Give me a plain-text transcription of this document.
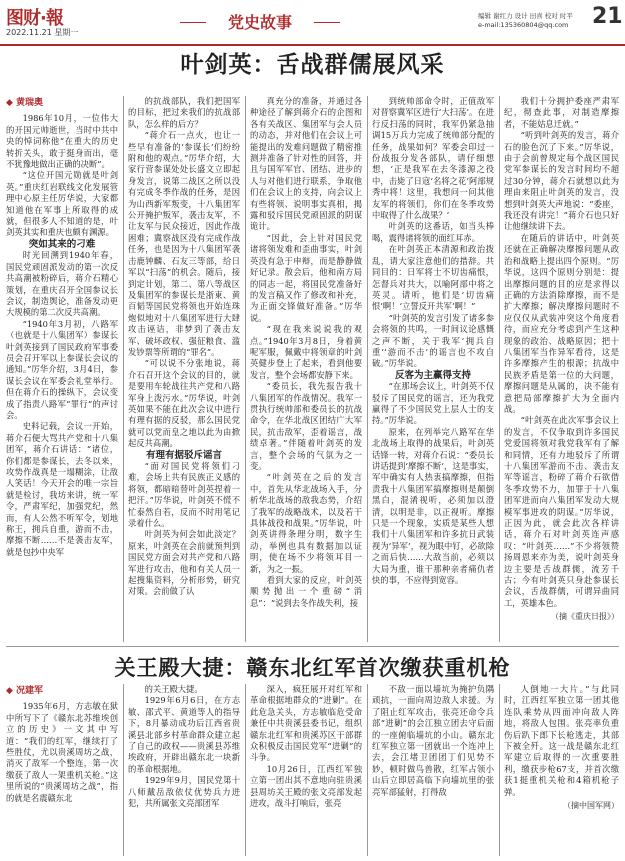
图财·報
2022.11.21 星期一
党史故事	编辑 谢红力 设计 田喜 校对 时平
e-mail:135360804@qq.com	21
叶剑英：舌战群儒展风采
◆ 黄瑞奥

1986年10月，一位伟大的开国元帅逝世，当时中共中央的悼词称他“在重大的历史转折关头，敢于挺身而出，毫不犹豫地做出正确的决断”。

“这位开国元勋就是叶剑英。”重庆红岩联线文化发展管理中心原主任厉华说，大家都知道他在军事上所取得的成就，但很多人不知道的是，叶剑英其实和重庆也颇有渊源。

突如其来的刁难

时光回溯到1940年春，国民党顽固派发动的第一次反共高潮被粉碎后，蒋介石精心策划，在重庆召开全国参议长会议，制造舆论，准备发动更大规模的第二次反共高潮。

“1940年3月初，八路军（也就是十八集团军）参谋长叶剑英接到了国民政府军事委员会召开军以上参谋长会议的通知。”厉华介绍，3月4日，参谋长会议在军委会礼堂举行。但在蒋介石的操纵下，会议变成了指责八路军“罪行”的声讨会。

史料记载，会议一开始，蒋介石便大骂共产党和十八集团军，蒋介石讲话：“诸位，你们都是参谋长，去冬以来，攻势作战真是一塌糊涂，让敌人笑话！今天开会的唯一宗旨就是检讨，我坊来讲，统一军令，严肃军纪，加强党纪，然而，有人公然不听军令，划地称王，拥兵自重，游而不击，摩擦不断……不是袭击友军，就是包抄中央军

的抗战部队，我们把国军的目标，把过来我们的抗战部队，怎么样的后方？

“蒋介石一点火，也让一些早有准备的‘参谋长’们纷纷附和他的观点。”厉华介绍，大家行营参谋处处长盛文立即起身发言，说第二战区之所以没有完成冬季作战的任务，是因为山西新军叛变，十八集团军公开掩护叛军，袭击友军，不让友军与民众接近，因此作战困难；冀察战区没有完成作战任务，也是因为十八集团军袭击鹿钟麟、石友三等部，给日军以“扫荡”的机会。随后，接到定计划，第二、第八等战区及集团军的参谋长是浙東、黄百韬等国民党将领也开始连珠炮似地对十八集团军进行大肆攻击诬诘，非梦到了袭击友军、破坏政权、强征粮食、滥发钞票等所谓的“罪名”。

“可以说不分张地说，蒋介石召开这个会议的目的，就是要用车轮战往共产党和八路军身上泼污水。”厉华说，叶剑英如果不能在此次会议中进行有理有据的反驳，那么国民党就可以党而皇之地以此为由掀起反共高潮。

有理有据驳斥谣言

“面对国民党将领们刁难，会场上共有民族正义感的将领，都暗暗替叶剑英捏着一把汗。”厉华说，叶剑英不慌不忙泰然自若，反而不时用笔记录着什么。

叶剑英为何会如此淡定？原来，叶剑英在会前就预判到国民党方面会对共产党和八路军进行攻击，他和有关人员一起搜集资料，分析形势，研究对策。会前做了认

真充分的准备，并通过各种途径了解到蒋介石的企图和各有关战区、集团军与会人员的动态，并对他们在会议上可能提出的发难问题做了精密推测并准备了针对性的回答，并且与国军军官、团结、进步的人与对他们进行联系，争取他们在会议上的支持，向会议上有些将领、说明事实真相，揭露和驳斥国民党顽固派的阴谋诡计。

“因此，会上针对国民党诸将领发难和歪曲事实，叶剑英没有急于申辩，而是静静做好记录。散会后，他和南方局的同志一起，将国民党准备好的发言稿又作了修改和补充，为正面交锋做好准备。”厉华说。

“现在我来说说我的观点。”1940年3月8日，身着黄呢军服，佩戴中将领章的叶剑英健步登上了起来，看到他要发言，整个会场都安静下来。

“委员长，我先报告我十八集团军的作战情况。我军一贯执行统帅部和委员长的抗战命令，在华北战区团结广大军民，抗击敌军，歪着谣言，战绩卓著。”伴随着叶剑英的发言，整个会场的气氛为之一变。

“叶剑英在之后的发言中，首先从华北战场入手，分析华北战场的敌我态势，介绍了我军的战略战术，以及若干具体战役和战果。”厉华说，叶剑英讲得条理分明，数字生动，举例也具有数据加以证明，使在场不少将领耳目一新，为之一振。

看到大家的反应，叶剑英顺势抛出一个重磅“消息”：“说到去冬作战失利，接

到统帅部命令时，正值敌军对晋察冀军区进行‘大扫荡’。在进行反扫荡的同时，我军仍紧急抽调15万兵力完成了统帅部分配的任务，战果如何？军委会印过一份战报分发各部队，请仔细想想，‘正是我军在去冬漆源之役中，击毙了日寇‘名将之花’阿部规秀中将！这里，我想问一问其他友军的将领们，你们在冬季攻势中取得了什么战果？’

叶剑英的这番话，如当头棒喝，震得诸将领的面红耳赤。

在叶剑英正本清源和政治拨乱，请大家注意他们的措辞。共同目的：日军将士不切齿痛恨，怎督兵对共大，以喻阿部中将之英灵。请听，他们是‘切齿痛恨’啊！‘立誓反开共军’啊！”

“叶剑英的发言引发了诸多参会将领的共鸣，一时间议论感慨之声不断，关于我军‘拥兵自重’‘游而不击’的谣言也不攻自破。”厉华说。

反客为主赢得支持

“在那场会议上，叶剑英不仅驳斥了国民党的谣言，还为我党赢得了不少国民党上层人士的支持。”厉华说。

原来，在列举完八路军在华北战场上取得的战果后，叶剑英话锋一转，对蒋介石说：“委员长讲话提到‘摩擦不断’，这是事实，军中确实有人热衷搞摩擦，但指责我十八集团军搞摩擦则是颠倒黑白，混淆视听，必须加以澄清，以明是非，以正视听。摩擦只是一个现象，实质是某些人想我们十八集团军和许多抗日武装视为‘异军’，视为眼中钉，必欲除之而后快……大敌当前，必须以大局为重，谁干那种亲者痛仇者快的事，不应得到宽容。

我们十分拥护委座严肃军纪，彻查此事，对制造摩擦者，不能姑息迁就。”

“听到叶剑英的发言，蒋介石的脸色沉了下来。”厉华说，由于会前曾规定每个战区国民党军参谋长的发言时间均不超过30分钟，蒋介石就想以此为理由来阻止叶剑英的发言，没想到叶剑英大声地说：“委座，我还没有讲完！”蒋介石也只好让他继续讲下去。

在随后的讲话中，叶剑英还就在正确解决摩擦问题从政治和战略上提出四个原则。“厉华说，这四个原则分别是：提出摩擦问题的目的应是求得以正确的方法消除摩擦，而不是扩大摩擦；解决摩擦问题时不应仅仅从武装冲突这个角度看待，而应充分考虑到产生这种现象的政治、战略原因；把十八集团军当作异军看待，这是许多摩擦产生的根源；抗战中民族矛盾是第一位的大问题，摩擦问题是从属的，决不能有意把局部摩擦扩大为全面内战。

“叶剑英在此次军事会议上的发言，不仅争取到许多国民党爱国将领对我党我军有了解和同情，还有力地驳斥了所谓十八集团军游而不击、袭击友军等谣言，粉碎了蒋介石欲借冬季攻势不力，加罪于十八集团军进而向八集团军发动大规模军事进攻的阴谋。”厉华说，正因为此，就会此次各样讲话，蒋介石对叶剑英连声感叹：“叶剑英……”不少将领赞扬周恩来亦为美，说叶剑英身边主要是舌战群儒，流芳千古；今有叶剑英只身赴参谋长会议，舌战群儒，可谓异曲同工，英雄本色。

（摘《重庆日报》）
关王殿大捷：赣东北红军首次缴获重机枪
◆ 况建军

1935年6月，方志敏在狱中所写下了《赣东北苏维埃创立的历史》一文其中写道：“我们的红军，继续打了些胜仗，尤以贵溪周坊之战，消灭了敌军一个整连，第一次缴获了敌人一架重机关枪。”这里所说的“贵溪周坊之战”，指的就是名震赣东北

的关王殿大捷。

1929年6月6日，在方志敏、邵式平、黄道等人的指导下，8月暴动成功后江西省贵溪县北部乡村革命群众建立起了自己的政权——贵溪县苏维埃政府，开辟出赣东北一块新的革命根据地。

1929年9月，国民党第十八师戴岳敌依仗优势兵力进犯，共所属张文亮部团军

深入，疯狂展开对红军和革命根据地群众的“进剿”。在此危急关头，方志敏临危受命兼任中共贵溪县委书记，组织赣东北红军和贵溪苏区干部群众积极反击国民党军“进剿”的斗争。

10月26日，江西红军独立第一团出其不意地向驻贵溪县周坊关王殿的张文亮部发起进攻，战斗打响后，张亮

不敌一面以墙坑为掩护负隅顽抗，一面向周边敌人求援。为了阻止红军攻击，张亮还命令兵部“进剿”的会江独立团去守后面的一座俯临墙坑的小山。赣东北红军独立第一团就出一个连冲上去，会江堵卫团团丁们见势不妙，顿时做鸟兽散，红军占领小山后立即居高临下向墙坑里的张亮军部猛射，打得敌

人倒地一大片。”与此同时，江西红军独立第一团其他连队乘势从四面冲向敌人阵地，将敌人包围。张亮率负重伤后趴下郎下长枪逃走，其部下被全歼。这一战是赣东北红军建立后取得的一次重要胜利，缴获步枪67支，并首次缴获1挺重机关枪和4箱机枪子弹。

（摘中国军网）
